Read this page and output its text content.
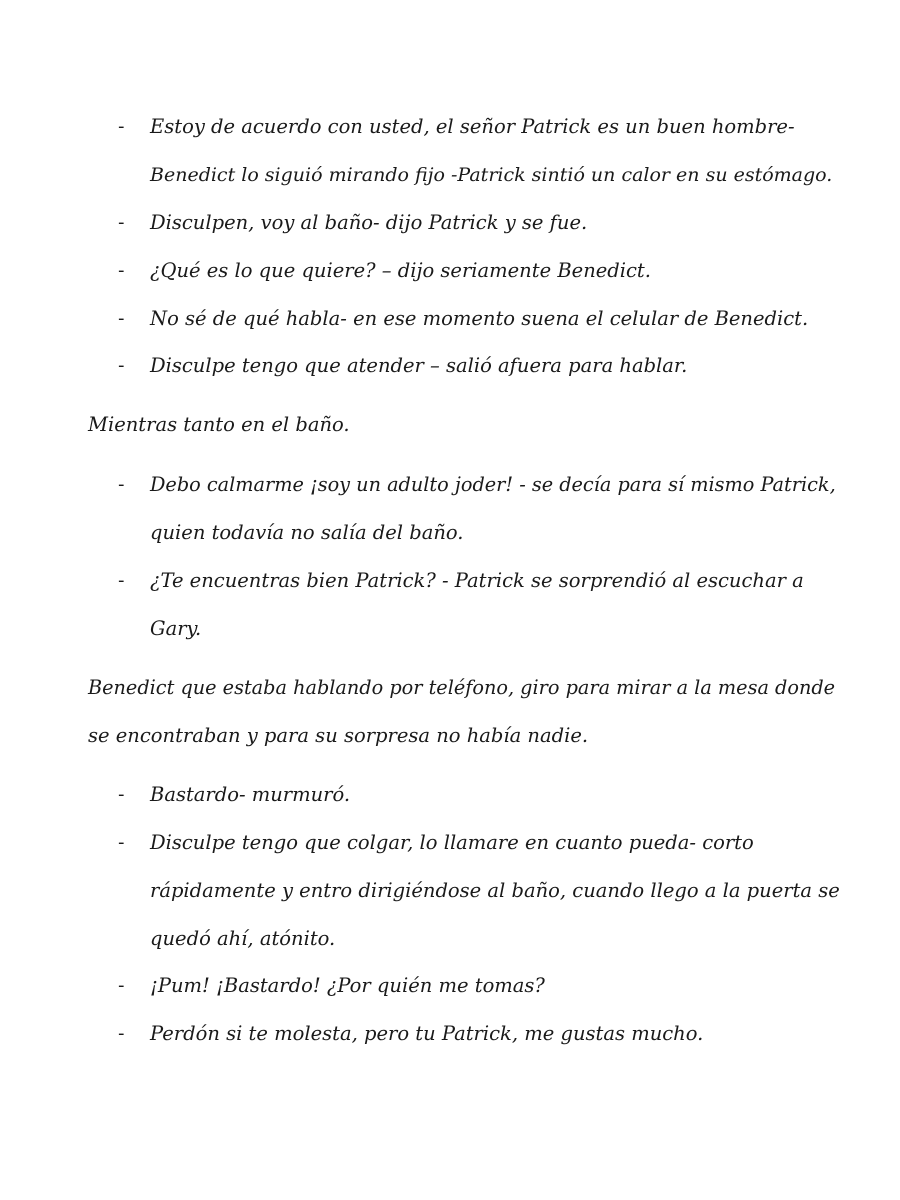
- Estoy de acuerdo con usted, el señor Patrick es un buen hombre-
Benedict lo siguió mirando fijo -Patrick sintió un calor en su estómago.
- Disculpen, voy al baño- dijo Patrick y se fue.
- ¿Qué es lo que quiere? – dijo seriamente Benedict.
- No sé de qué habla- en ese momento suena el celular de Benedict.
- Disculpe tengo que atender – salió afuera para hablar.
Mientras tanto en el baño.
- Debo calmarme ¡soy un adulto joder! - se decía para sí mismo Patrick,
quien todavía no salía del baño.
- ¿Te encuentras bien Patrick? - Patrick se sorprendió al escuchar a
Gary.
Benedict que estaba hablando por teléfono, giro para mirar a la mesa donde
se encontraban y para su sorpresa no había nadie.
- Bastardo- murmuró.
- Disculpe tengo que colgar, lo llamare en cuanto pueda- corto
rápidamente y entro dirigiéndose al baño, cuando llego a la puerta se
quedó ahí, atónito.
- ¡Pum! ¡Bastardo! ¿Por quién me tomas?
- Perdón si te molesta, pero tu Patrick, me gustas mucho.
